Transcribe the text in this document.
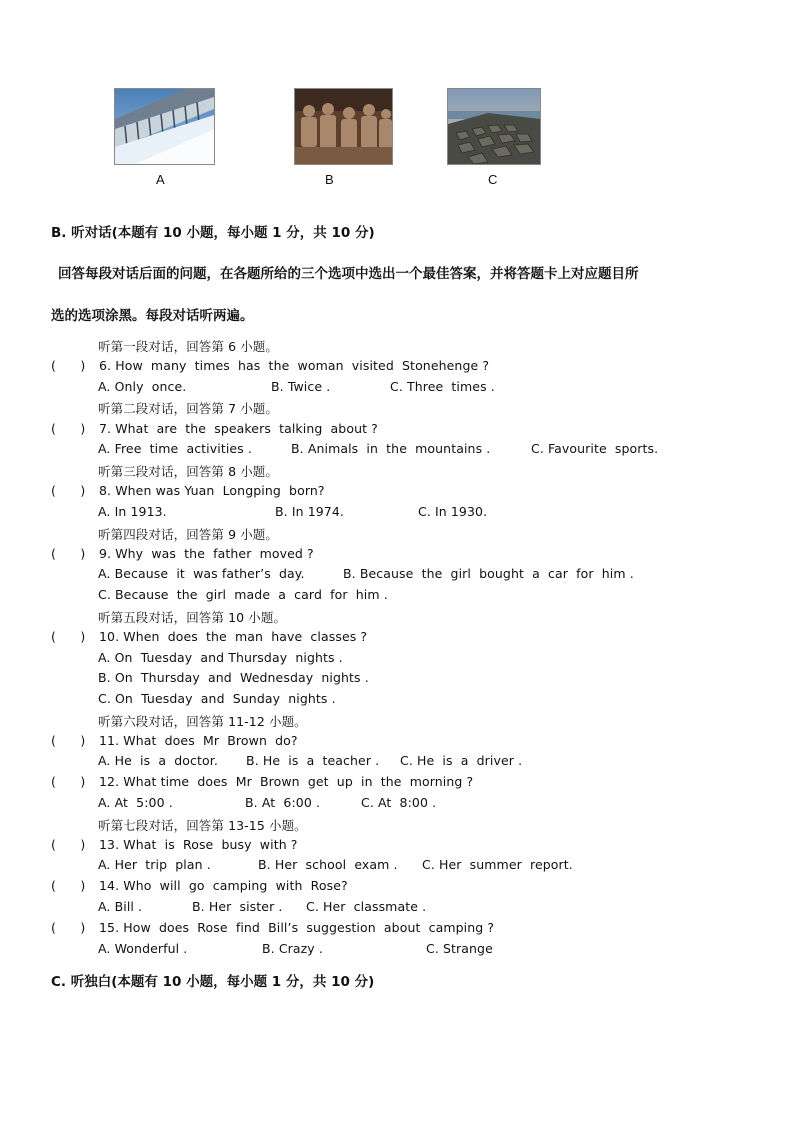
A	B	C
B. 听对话(本题有 10 小题，每小题 1 分，共 10 分)
回答每段对话后面的问题，在各题所给的三个选项中选出一个最佳答案，并将答题卡上对应题目所
选的选项涂黑。每段对话听两遍。
听第一段对话，回答第 6 小题。
(      ) 6. How  many  times  has  the  woman  visited  Stonehenge ?
A. Only  once.	B. Twice .	C. Three  times .
听第二段对话，回答第 7 小题。
(      ) 7. What  are  the  speakers  talking  about ?
A. Free  time  activities .	B. Animals  in  the  mountains .	C. Favourite  sports.
听第三段对话，回答第 8 小题。
(      ) 8. When was Yuan  Longping  born?
A. In 1913.	B. In 1974.	C. In 1930.
听第四段对话，回答第 9 小题。
(      ) 9. Why  was  the  father  moved ?
A. Because  it  was father’s  day.	B. Because  the  girl  bought  a  car  for  him .
C. Because  the  girl  made  a  card  for  him .
听第五段对话，回答第 10 小题。
(      ) 10. When  does  the  man  have  classes ?
A. On  Tuesday  and Thursday  nights .
B. On  Thursday  and  Wednesday  nights .
C. On  Tuesday  and  Sunday  nights .
听第六段对话，回答第 11-12 小题。
(      ) 11. What  does  Mr  Brown  do?
A. He  is  a  doctor. B. He  is  a  teacher . C. He  is  a  driver .
(      ) 12. What time  does  Mr  Brown  get  up  in  the  morning ?
A. At  5:00 .	B. At  6:00 .	C. At  8:00 .
听第七段对话，回答第 13-15 小题。
(      ) 13. What  is  Rose  busy  with ?
A. Her  trip  plan .	B. Her  school  exam . C. Her  summer  report.
(      ) 14. Who  will  go  camping  with  Rose?
A. Bill .	B. Her  sister . C. Her  classmate .
(      ) 15. How  does  Rose  find  Bill’s  suggestion  about  camping ?
A. Wonderful .	B. Crazy .	C. Strange
C. 听独白(本题有 10 小题，每小题 1 分，共 10 分)
